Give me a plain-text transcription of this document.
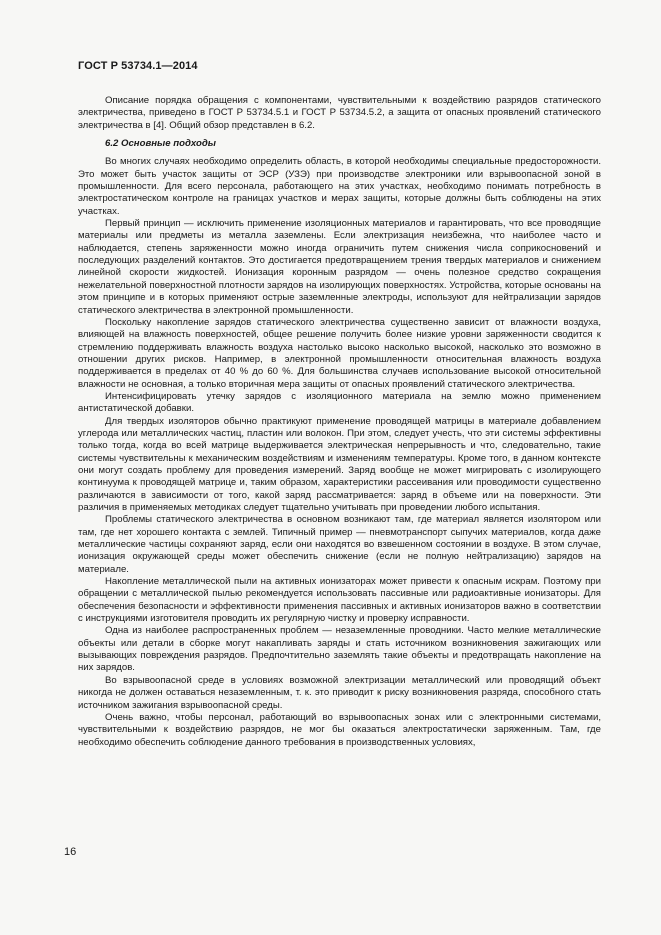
ГОСТ Р 53734.1—2014

Описание порядка обращения с компонентами, чувствительными к воздействию разрядов статического электричества, приведено в ГОСТ Р 53734.5.1 и ГОСТ Р 53734.5.2, а защита от опасных проявлений статического электричества в [4]. Общий обзор представлен в 6.2.

6.2 Основные подходы

Во многих случаях необходимо определить область, в которой необходимы специальные предосторожности. Это может быть участок защиты от ЭСР (УЗЭ) при производстве электроники или взрывоопасной зоной в промышленности. Для всего персонала, работающего на этих участках, необходимо понимать потребность в электростатическом контроле на границах участков и мерах защиты, которые должны быть соблюдены на этих участках.

Первый принцип — исключить применение изоляционных материалов и гарантировать, что все проводящие материалы или предметы из металла заземлены. Если электризация неизбежна, что наиболее часто и наблюдается, степень заряженности можно иногда ограничить путем снижения числа соприкосновений и последующих разделений контактов. Это достигается предотвращением трения твердых материалов и снижением линейной скорости жидкостей. Ионизация коронным разрядом — очень полезное средство сокращения нежелательной поверхностной плотности зарядов на изолирующих поверхностях. Устройства, которые основаны на этом принципе и в которых применяют острые заземленные электроды, используют для нейтрализации зарядов статического электричества в электронной промышленности.

Поскольку накопление зарядов статического электричества существенно зависит от влажности воздуха, влияющей на влажность поверхностей, общее решение получить более низкие уровни заряженности сводится к стремлению поддерживать влажность воздуха настолько высоко насколько высокой, насколько это возможно в отношении других рисков. Например, в электронной промышленности относительная влажность воздуха поддерживается в пределах от 40 % до 60 %. Для большинства случаев использование высокой относительной влажности не основная, а только вторичная мера защиты от опасных проявлений статического электричества.

Интенсифицировать утечку зарядов с изоляционного материала на землю можно применением антистатической добавки.

Для твердых изоляторов обычно практикуют применение проводящей матрицы в материале добавлением углерода или металлических частиц, пластин или волокон. При этом, следует учесть, что эти системы эффективны только тогда, когда во всей матрице выдерживается электрическая непрерывность и что, следовательно, такие системы чувствительны к механическим воздействиям и изменениям температуры. Кроме того, в данном контексте они могут создать проблему для проведения измерений. Заряд вообще не может мигрировать с изолирующего континуума к проводящей матрице и, таким образом, характеристики рассеивания или проводимости существенно различаются в зависимости от того, какой заряд рассматривается: заряд в объеме или на поверхности. Эти различия в применяемых методиках следует тщательно учитывать при проведении любого испытания.

Проблемы статического электричества в основном возникают там, где материал является изолятором или там, где нет хорошего контакта с землей. Типичный пример — пневмотранспорт сыпучих материалов, когда даже металлические частицы сохраняют заряд, если они находятся во взвешенном состоянии в воздухе. В этом случае, ионизация окружающей среды может обеспечить снижение (если не полную нейтрализацию) зарядов на материале.

Накопление металлической пыли на активных ионизаторах может привести к опасным искрам. Поэтому при обращении с металлической пылью рекомендуется использовать пассивные или радиоактивные ионизаторы. Для обеспечения безопасности и эффективности применения пассивных и активных ионизаторов важно в соответствии с инструкциями изготовителя проводить их регулярную чистку и проверку исправности.

Одна из наиболее распространенных проблем — незаземленные проводники. Часто мелкие металлические объекты или детали в сборке могут накапливать заряды и стать источником возникновения зажигающих или вызывающих повреждения разрядов. Предпочтительно заземлять такие объекты и предотвращать накопление на них зарядов.

Во взрывоопасной среде в условиях возможной электризации металлический или проводящий объект никогда не должен оставаться незаземленным, т. к. это приводит к риску возникновения разряда, способного стать источником зажигания взрывоопасной среды.

Очень важно, чтобы персонал, работающий во взрывоопасных зонах или с электронными системами, чувствительными к воздействию разрядов, не мог бы оказаться электростатически заряженным. Там, где необходимо обеспечить соблюдение данного требования в производственных условиях,

16
